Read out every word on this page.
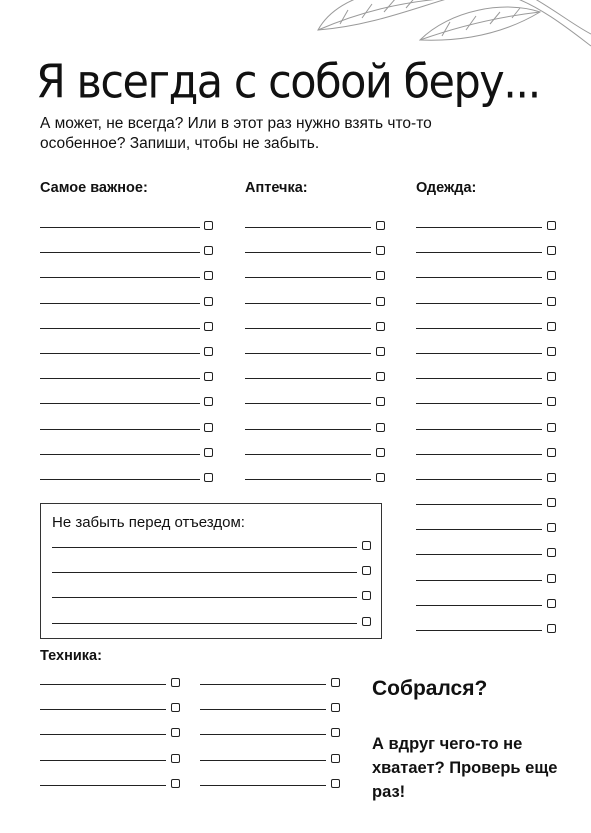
Я всегда с собой беру...

А может, не всегда? Или в этот раз нужно взять что-то особенное? Запиши, чтобы не забыть.

Самое важное:	Аптечка:	Одежда:

Не забыть перед отъездом:

Техника:

Собрался?

А вдруг чего-то не хватает? Проверь еще раз!
